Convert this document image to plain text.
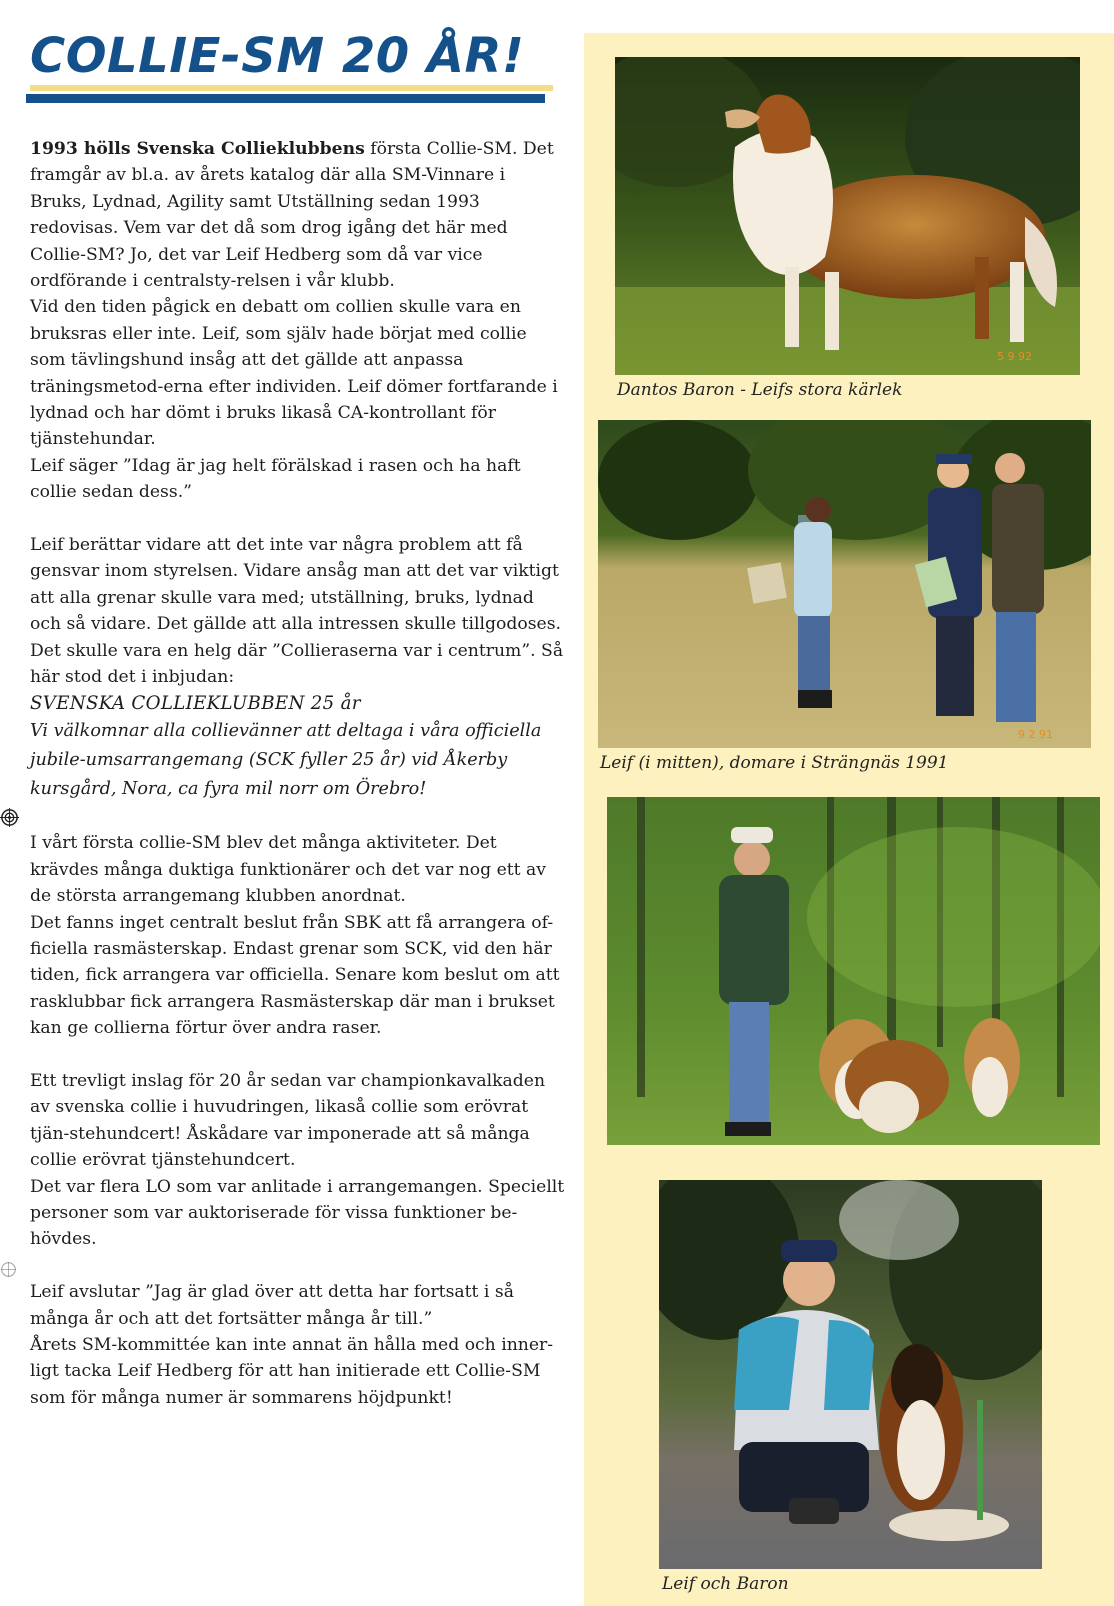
COLLIE-SM 20 ÅR!

1993 hölls Svenska Collieklubbens första Collie-SM. Det framgår av bl.a. av årets katalog där alla SM-Vinnare i Bruks, Lydnad, Agility samt Utställning sedan 1993 redovisas. Vem var det då som drog igång det här med Collie-SM? Jo, det var Leif Hedberg som då var vice ordförande i centralsty-relsen i vår klubb.

Vid den tiden pågick en debatt om collien skulle vara en bruksras eller inte. Leif, som själv hade börjat med collie som tävlingshund insåg att det gällde att anpassa träningsmetod-erna efter individen. Leif dömer fortfarande i lydnad och har dömt i bruks likaså CA-kontrollant för tjänstehundar.

Leif säger ”Idag är jag helt förälskad i rasen och ha haft collie sedan dess.”

Leif berättar vidare att det inte var några problem att få gensvar inom styrelsen. Vidare ansåg man att det var viktigt att alla grenar skulle vara med; utställning, bruks, lydnad och så vidare. Det gällde att alla intressen skulle tillgodoses. Det skulle vara en helg där ”Collieraserna var i centrum”. Så här stod det i inbjudan:

SVENSKA COLLIEKLUBBEN 25 år

Vi välkomnar alla collievänner att deltaga i våra officiella jubile-umsarrangemang (SCK fyller 25 år) vid Åkerby kursgård, Nora, ca fyra mil norr om Örebro!

I vårt första collie-SM blev det många aktiviteter. Det krävdes många duktiga funktionärer och det var nog ett av de största arrangemang klubben anordnat.

Det fanns inget centralt beslut från SBK att få arrangera of-ficiella rasmästerskap. Endast grenar som SCK, vid den här tiden, fick arrangera var officiella. Senare kom beslut om att rasklubbar fick arrangera Rasmästerskap där man i brukset kan ge collierna förtur över andra raser.

Ett trevligt inslag för 20 år sedan var championkavalkaden av svenska collie i huvudringen, likaså collie som erövrat tjän-stehundcert! Åskådare var imponerade att så många collie erövrat tjänstehundcert.

Det var flera LO som var anlitade i arrangemangen. Speciellt personer som var auktoriserade för vissa funktioner be-hövdes.

Leif avslutar ”Jag är glad över att detta har fortsatt i så många år och att det fortsätter många år till.”

Årets SM-kommittée kan inte annat än hålla med och inner-ligt tacka Leif Hedberg för att han initierade ett Collie-SM som för många numer är sommarens höjdpunkt!

5 9 92
Dantos Baron - Leifs stora kärlek
9 2 91
Leif (i mitten), domare i Strängnäs 1991
Leif och Baron
